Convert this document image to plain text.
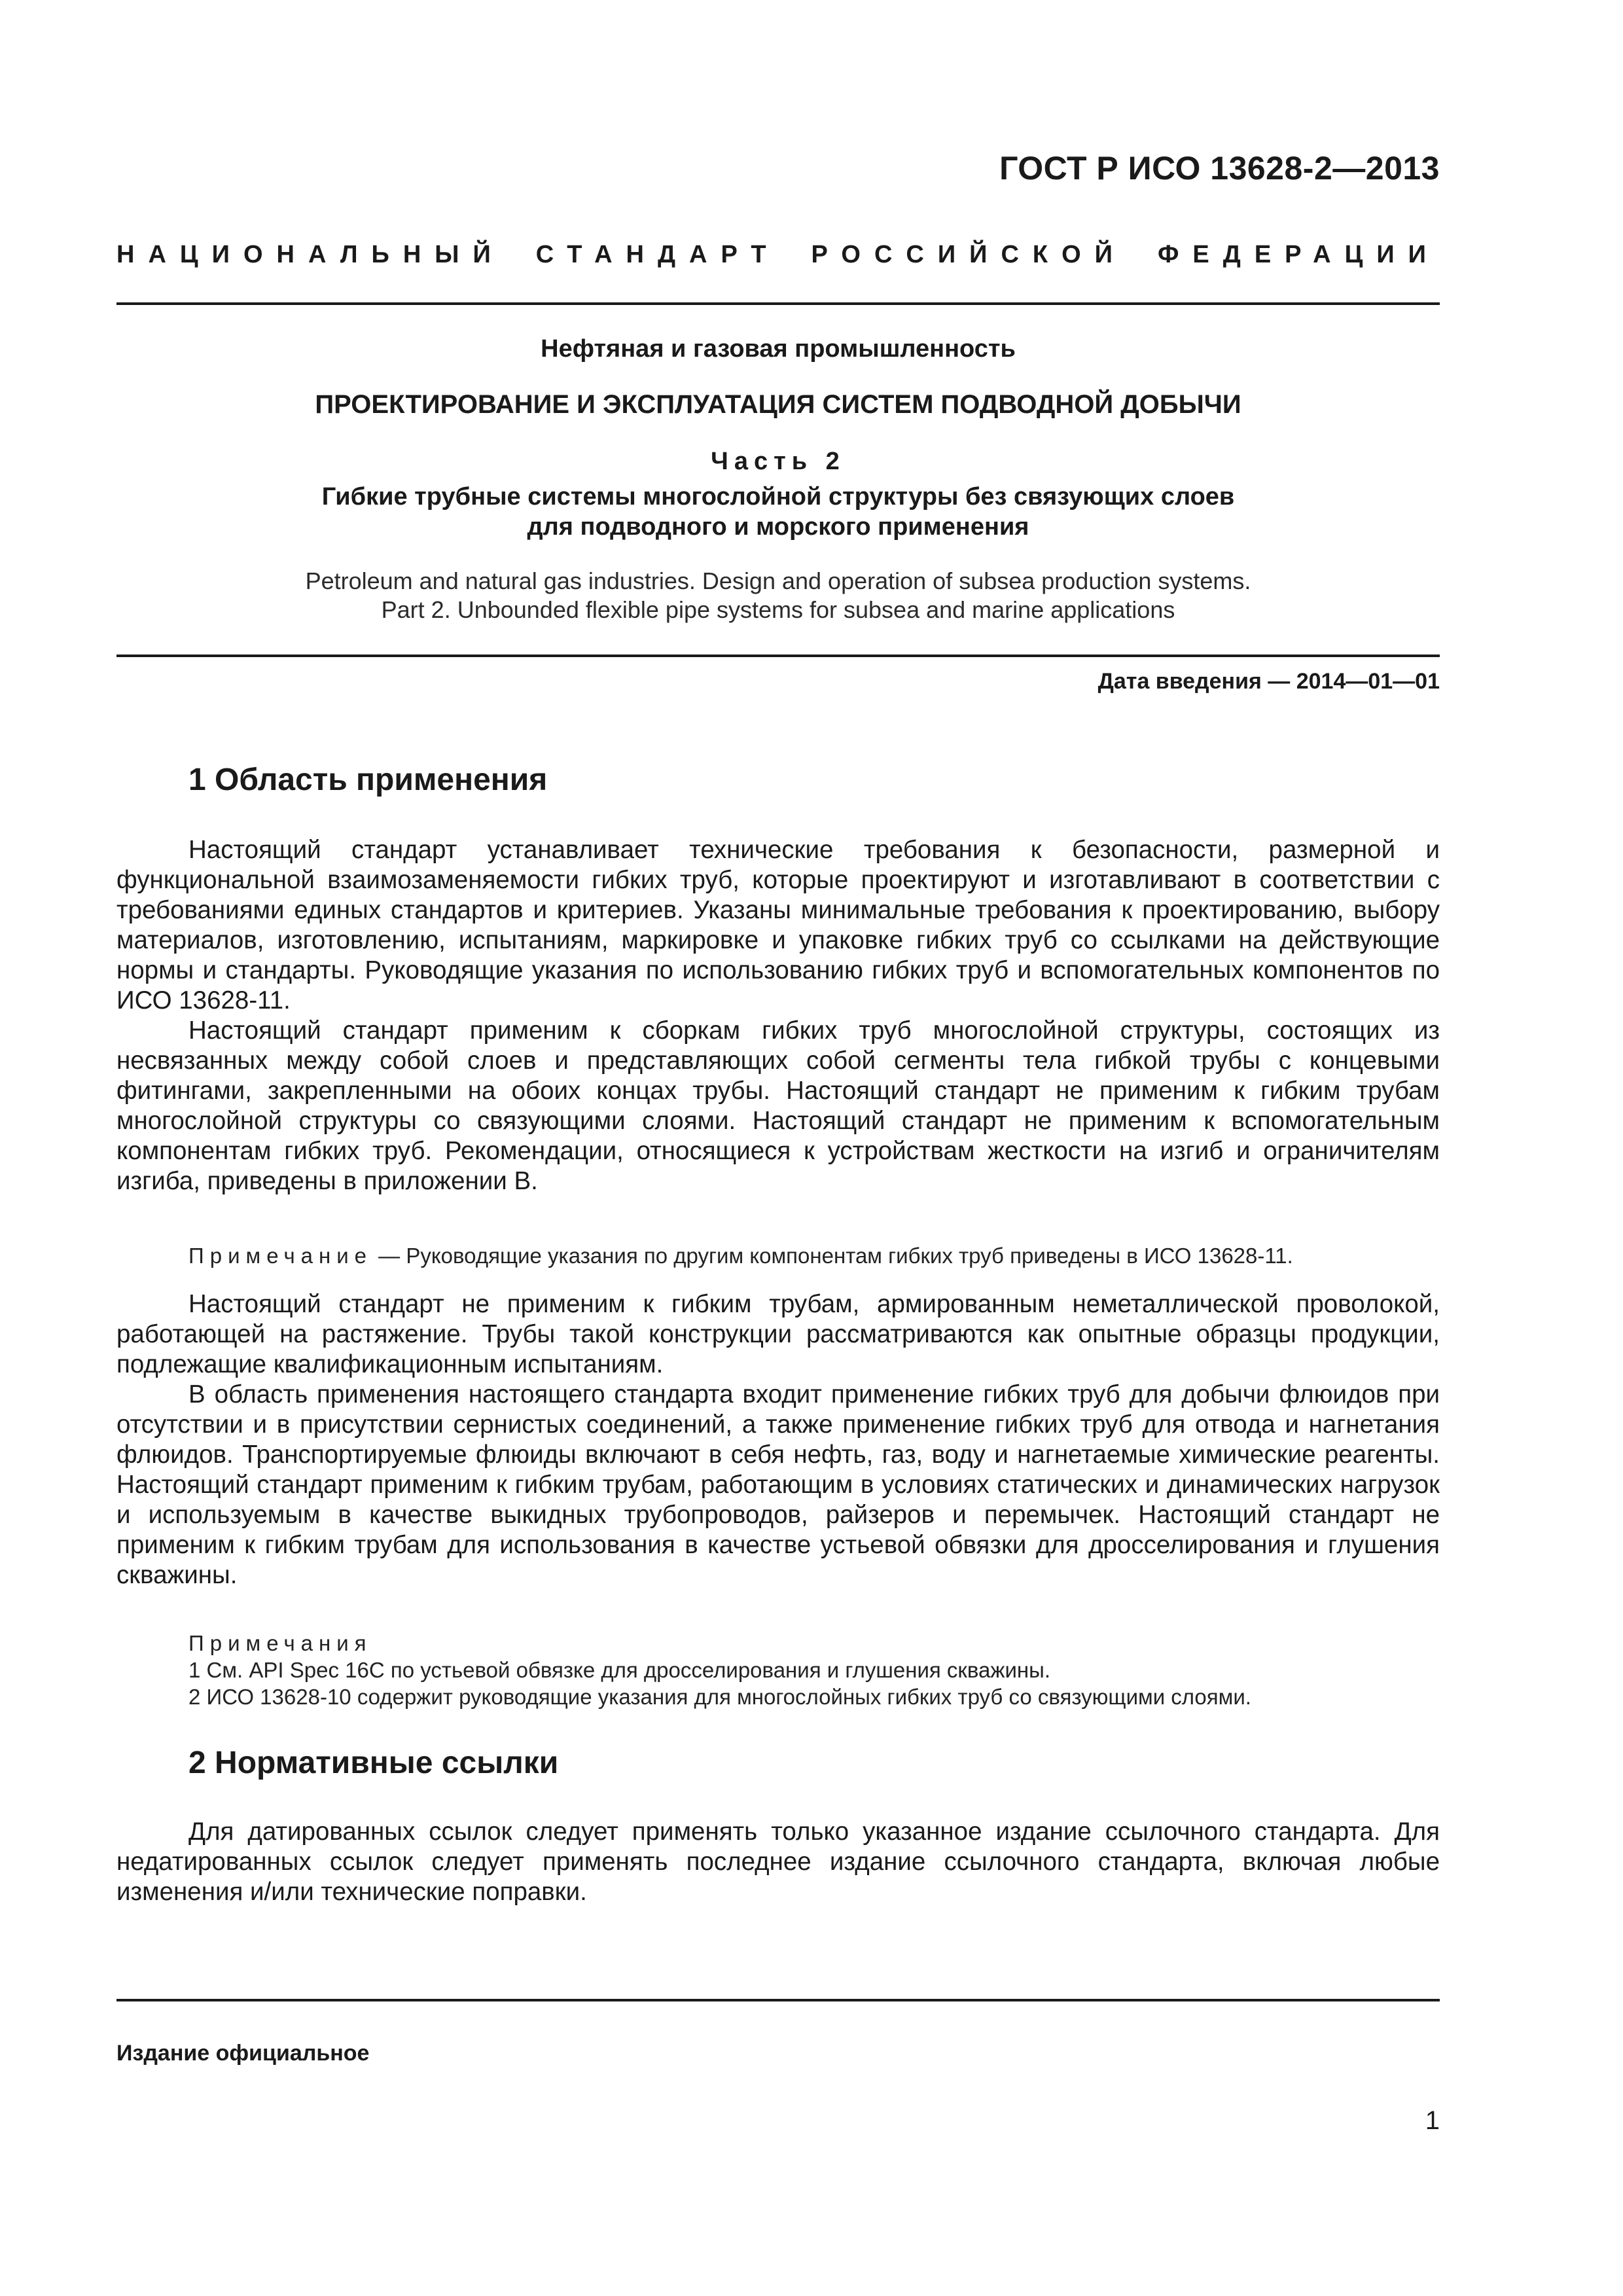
ГОСТ Р ИСО 13628-2—2013
НАЦИОНАЛЬНЫЙ СТАНДАРТ РОССИЙСКОЙ ФЕДЕРАЦИИ
Нефтяная и газовая промышленность
ПРОЕКТИРОВАНИЕ И ЭКСПЛУАТАЦИЯ СИСТЕМ ПОДВОДНОЙ ДОБЫЧИ
Часть 2
Гибкие трубные системы многослойной структуры без связующих слоев
для подводного и морского применения
Petroleum and natural gas industries. Design and operation of subsea production systems.
Part 2. Unbounded flexible pipe systems for subsea and marine applications
Дата введения — 2014—01—01
1 Область применения

Настоящий стандарт устанавливает технические требования к безопасности, размерной и функциональной взаимозаменяемости гибких труб, которые проектируют и изготавливают в соответствии с требованиями единых стандартов и критериев. Указаны минимальные требования к проектированию, выбору материалов, изготовлению, испытаниям, маркировке и упаковке гибких труб со ссылками на действующие нормы и стандарты. Руководящие указания по использованию гибких труб и вспомогательных компонентов по ИСО 13628-11.

Настоящий стандарт применим к сборкам гибких труб многослойной структуры, состоящих из несвязанных между собой слоев и представляющих собой сегменты тела гибкой трубы с концевыми фитингами, закрепленными на обоих концах трубы. Настоящий стандарт не применим к гибким трубам многослойной структуры со связующими слоями. Настоящий стандарт не применим к вспомогательным компонентам гибких труб. Рекомендации, относящиеся к устройствам жесткости на изгиб и ограничителям изгиба, приведены в приложении В.

Примечание — Руководящие указания по другим компонентам гибких труб приведены в ИСО 13628-11.

Настоящий стандарт не применим к гибким трубам, армированным неметаллической проволокой, работающей на растяжение. Трубы такой конструкции рассматриваются как опытные образцы продукции, подлежащие квалификационным испытаниям.

В область применения настоящего стандарта входит применение гибких труб для добычи флюидов при отсутствии и в присутствии сернистых соединений, а также применение гибких труб для отвода и нагнетания флюидов. Транспортируемые флюиды включают в себя нефть, газ, воду и нагнетаемые химические реагенты. Настоящий стандарт применим к гибким трубам, работающим в условиях статических и динамических нагрузок и используемым в качестве выкидных трубопроводов, райзеров и перемычек. Настоящий стандарт не применим к гибким трубам для использования в качестве устьевой обвязки для дросселирования и глушения скважины.

Примечания
1 См. API Spec 16C по устьевой обвязке для дросселирования и глушения скважины.
2 ИСО 13628-10 содержит руководящие указания для многослойных гибких труб со связующими слоями.
2 Нормативные ссылки

Для датированных ссылок следует применять только указанное издание ссылочного стандарта. Для недатированных ссылок следует применять последнее издание ссылочного стандарта, включая любые изменения и/или технические поправки.

Издание официальное
1
